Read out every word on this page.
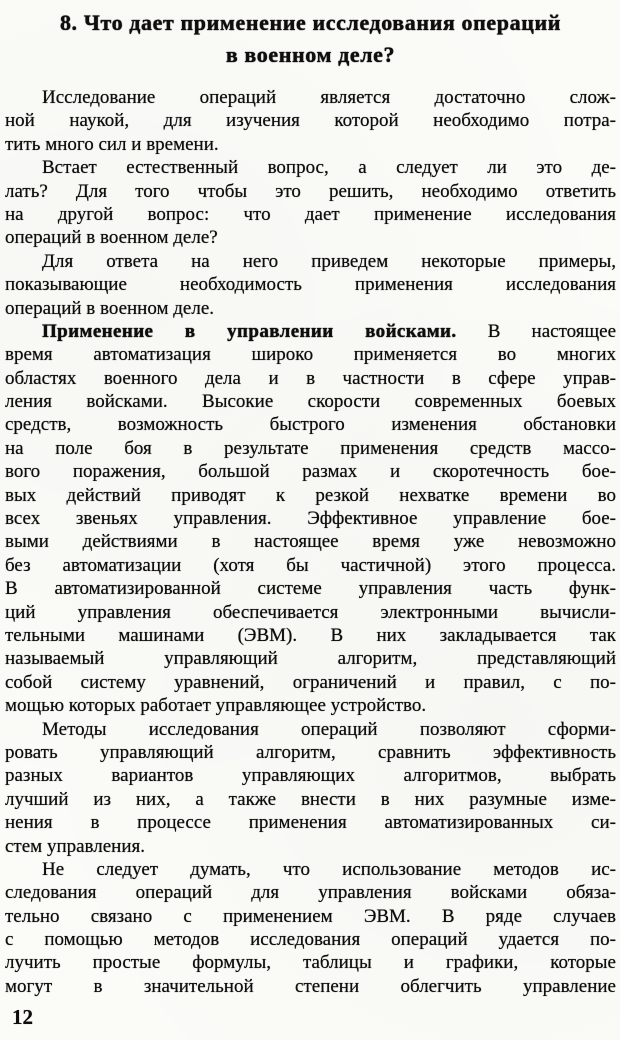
8. Что дает применение исследования операций
в военном деле?
Исследование операций является достаточно слож-
ной наукой, для изучения которой необходимо потра-
тить много сил и времени.
Встает естественный вопрос, а следует ли это де-
лать? Для того чтобы это решить, необходимо ответить
на другой вопрос: что дает применение исследования
операций в военном деле?
Для ответа на него приведем некоторые примеры,
показывающие необходимость применения исследования
операций в военном деле.
Применение в управлении войсками. В настоящее
время автоматизация широко применяется во многих
областях военного дела и в частности в сфере управ-
ления войсками. Высокие скорости современных боевых
средств, возможность быстрого изменения обстановки
на поле боя в результате применения средств массо-
вого поражения, большой размах и скоротечность бое-
вых действий приводят к резкой нехватке времени во
всех звеньях управления. Эффективное управление бое-
выми действиями в настоящее время уже невозможно
без автоматизации (хотя бы частичной) этого процесса.
В автоматизированной системе управления часть функ-
ций управления обеспечивается электронными вычисли-
тельными машинами (ЭВМ). В них закладывается так
называемый управляющий алгоритм, представляющий
собой систему уравнений, ограничений и правил, с по-
мощью которых работает управляющее устройство.
Методы исследования операций позволяют сформи-
ровать управляющий алгоритм, сравнить эффективность
разных вариантов управляющих алгоритмов, выбрать
лучший из них, а также внести в них разумные изме-
нения в процессе применения автоматизированных си-
стем управления.
Не следует думать, что использование методов ис-
следования операций для управления войсками обяза-
тельно связано с применением ЭВМ. В ряде случаев
с помощью методов исследования операций удается по-
лучить простые формулы, таблицы и графики, которые
могут в значительной степени облегчить управление
12
